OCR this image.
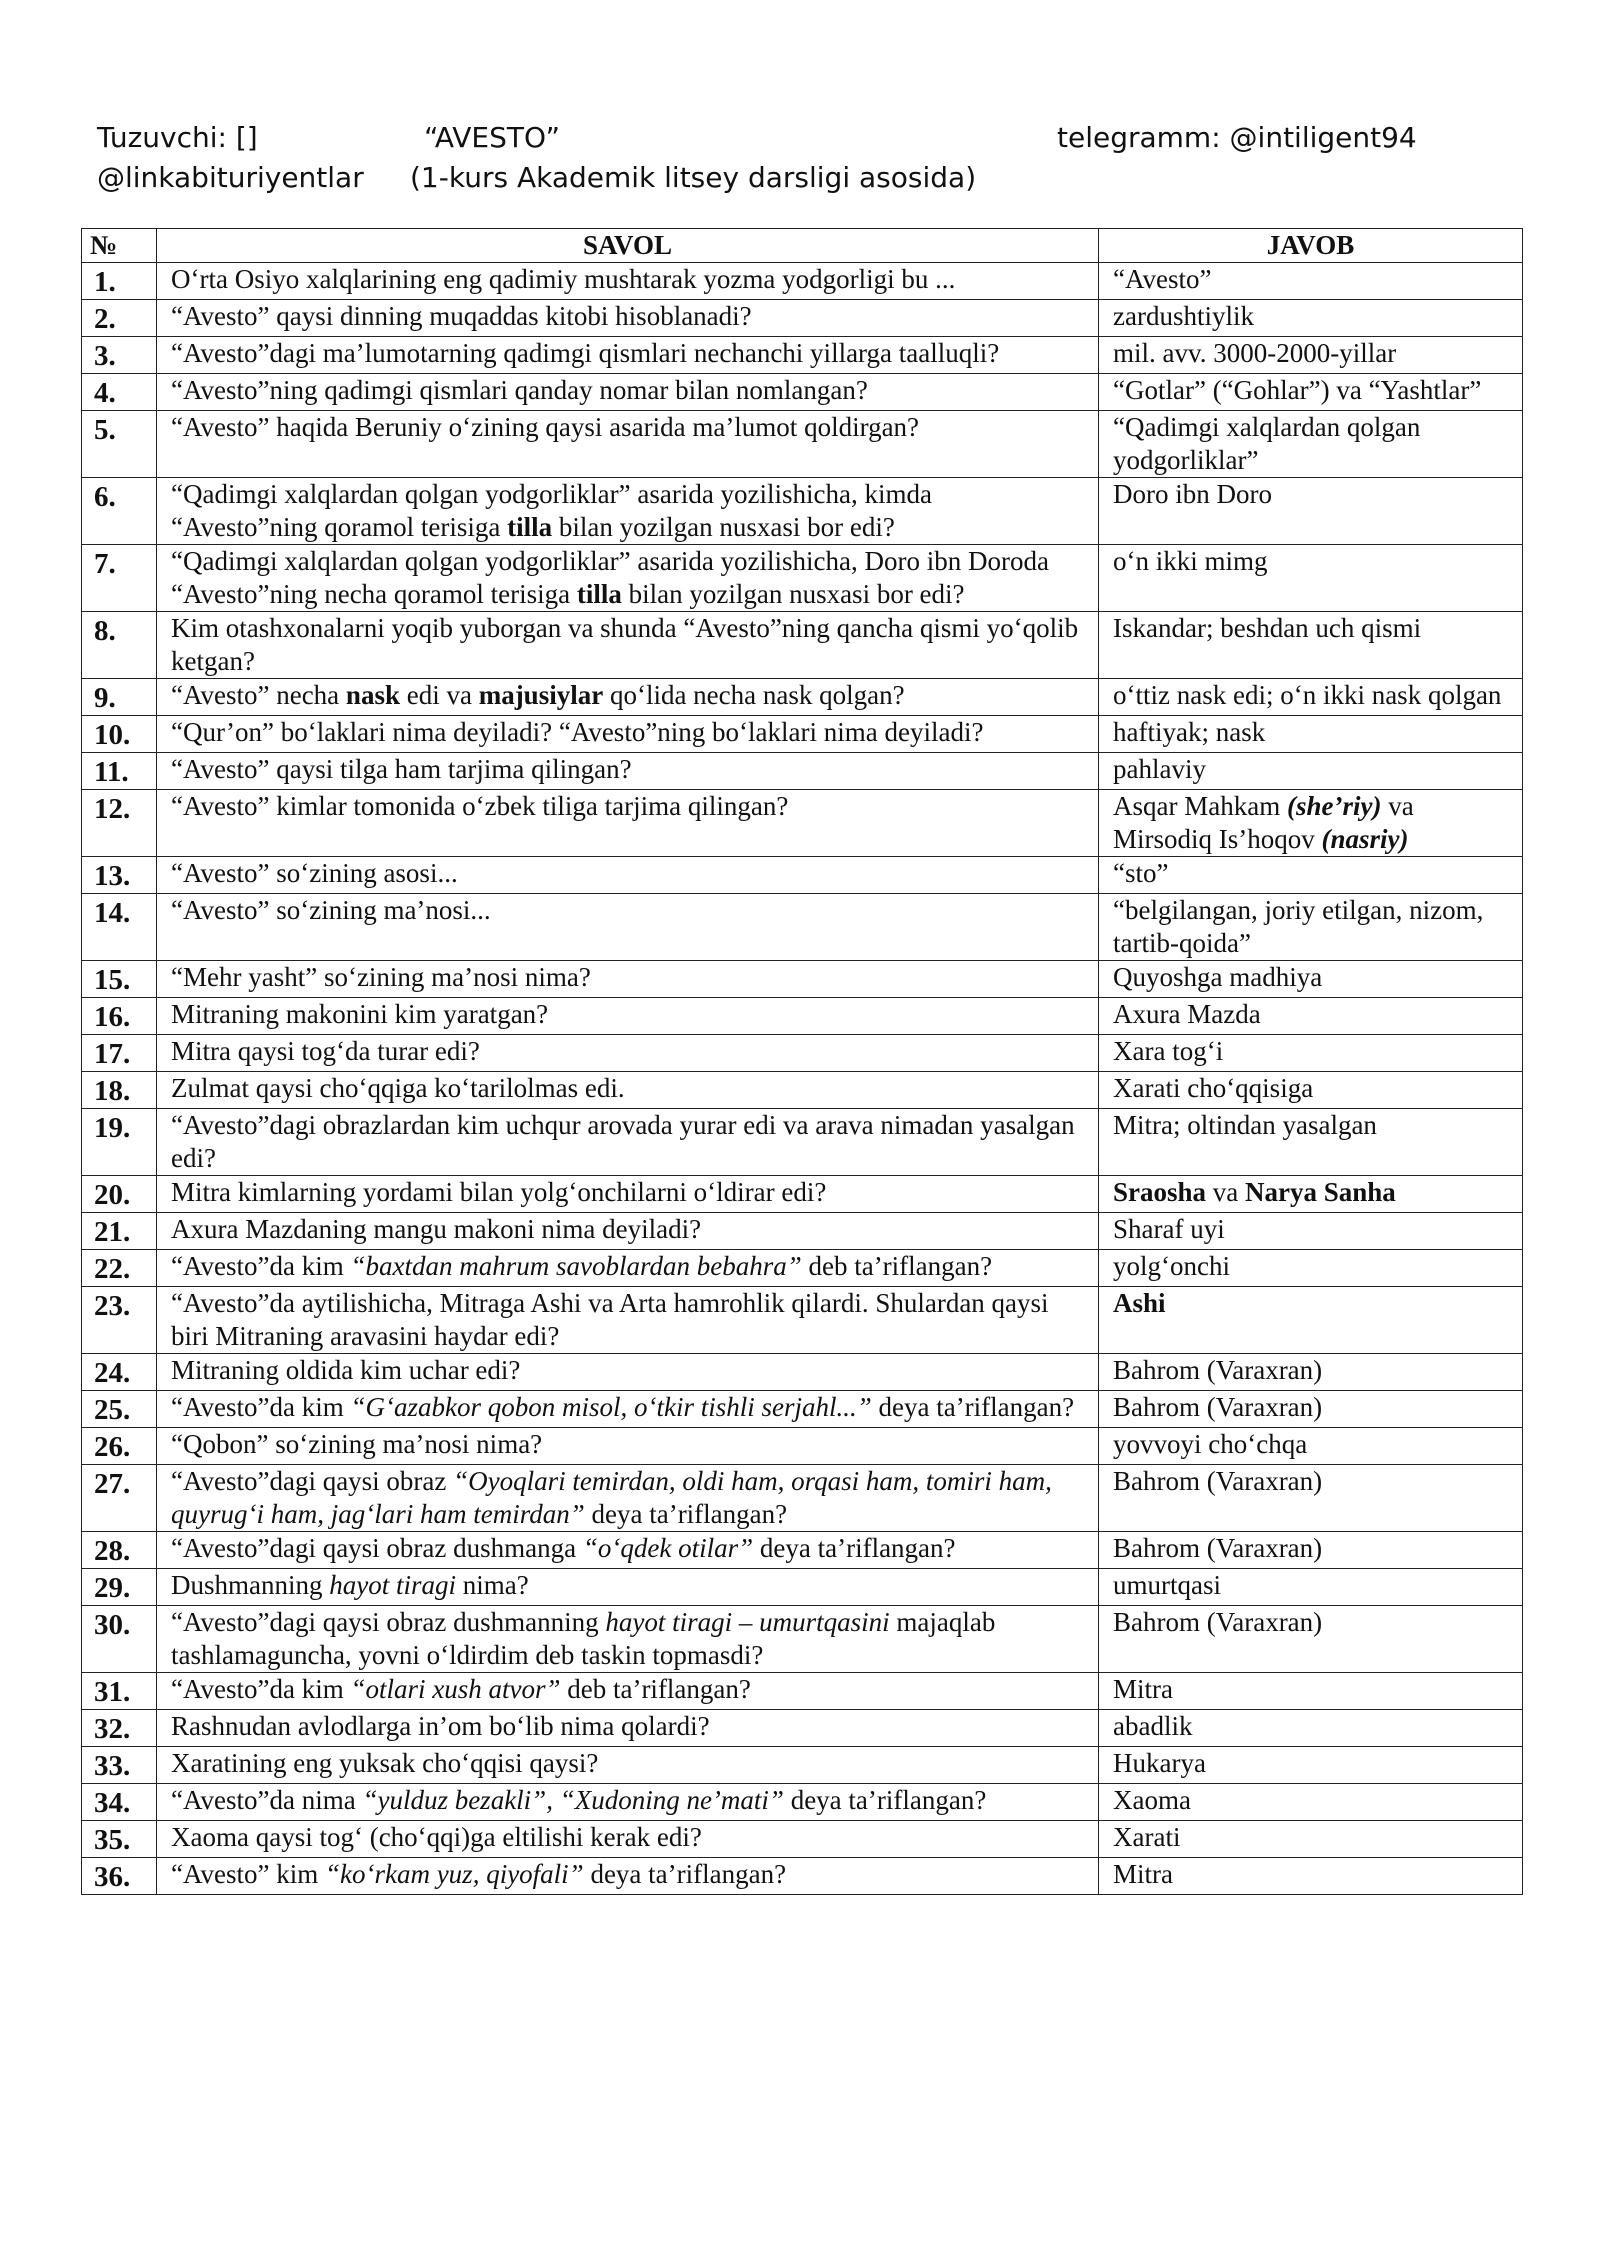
Tuzuvchi: []	“AVESTO”	telegramm: @intiligent94
@linkabituriyentlar (1-kurs Akademik litsey darsligi asosida)
№	SAVOL	JAVOB
1.	O‘rta Osiyo xalqlarining eng qadimiy mushtarak yozma yodgorligi bu ...	“Avesto”
2.	“Avesto” qaysi dinning muqaddas kitobi hisoblanadi?	zardushtiylik
3.	“Avesto”dagi ma’lumotarning qadimgi qismlari nechanchi yillarga taalluqli?	mil. avv. 3000-2000-yillar
4.	“Avesto”ning qadimgi qismlari qanday nomar bilan nomlangan?	“Gotlar” (“Gohlar”) va “Yashtlar”
5.	“Avesto” haqida Beruniy o‘zining qaysi asarida ma’lumot qoldirgan?	“Qadimgi xalqlardan qolgan yodgorliklar”
6.	“Qadimgi xalqlardan qolgan yodgorliklar” asarida yozilishicha, kimda “Avesto”ning qoramol terisiga tilla bilan yozilgan nusxasi bor edi?	Doro ibn Doro
7.	“Qadimgi xalqlardan qolgan yodgorliklar” asarida yozilishicha, Doro ibn Doroda “Avesto”ning necha qoramol terisiga tilla bilan yozilgan nusxasi bor edi?	o‘n ikki mimg
8.	Kim otashxonalarni yoqib yuborgan va shunda “Avesto”ning qancha qismi yo‘qolib ketgan?	Iskandar; beshdan uch qismi
9.	“Avesto” necha nask edi va majusiylar qo‘lida necha nask qolgan?	o‘ttiz nask edi; o‘n ikki nask qolgan
10.	“Qur’on” bo‘laklari nima deyiladi? “Avesto”ning bo‘laklari nima deyiladi?	haftiyak; nask
11.	“Avesto” qaysi tilga ham tarjima qilingan?	pahlaviy
12.	“Avesto” kimlar tomonida o‘zbek tiliga tarjima qilingan?	Asqar Mahkam (she’riy) va Mirsodiq Is’hoqov (nasriy)
13.	“Avesto” so‘zining asosi...	“sto”
14.	“Avesto” so‘zining ma’nosi...	“belgilangan, joriy etilgan, nizom, tartib-qoida”
15.	“Mehr yasht” so‘zining ma’nosi nima?	Quyoshga madhiya
16.	Mitraning makonini kim yaratgan?	Axura Mazda
17.	Mitra qaysi tog‘da turar edi?	Xara tog‘i
18.	Zulmat qaysi cho‘qqiga ko‘tarilolmas edi.	Xarati cho‘qqisiga
19.	“Avesto”dagi obrazlardan kim uchqur arovada yurar edi va arava nimadan yasalgan edi?	Mitra; oltindan yasalgan
20.	Mitra kimlarning yordami bilan yolg‘onchilarni o‘ldirar edi?	Sraosha va Narya Sanha
21.	Axura Mazdaning mangu makoni nima deyiladi?	Sharaf uyi
22.	“Avesto”da kim “baxtdan mahrum savoblardan bebahra” deb ta’riflangan?	yolg‘onchi
23.	“Avesto”da aytilishicha, Mitraga Ashi va Arta hamrohlik qilardi. Shulardan qaysi biri Mitraning aravasini haydar edi?	Ashi
24.	Mitraning oldida kim uchar edi?	Bahrom (Varaxran)
25.	“Avesto”da kim “G‘azabkor qobon misol, o‘tkir tishli serjahl...” deya ta’riflangan?	Bahrom (Varaxran)
26.	“Qobon” so‘zining ma’nosi nima?	yovvoyi cho‘chqa
27.	“Avesto”dagi qaysi obraz “Oyoqlari temirdan, oldi ham, orqasi ham, tomiri ham, quyrug‘i ham, jag‘lari ham temirdan” deya ta’riflangan?	Bahrom (Varaxran)
28.	“Avesto”dagi qaysi obraz dushmanga “o‘qdek otilar” deya ta’riflangan?	Bahrom (Varaxran)
29.	Dushmanning hayot tiragi nima?	umurtqasi
30.	“Avesto”dagi qaysi obraz dushmanning hayot tiragi – umurtqasini majaqlab tashlamaguncha, yovni o‘ldirdim deb taskin topmasdi?	Bahrom (Varaxran)
31.	“Avesto”da kim “otlari xush atvor” deb ta’riflangan?	Mitra
32.	Rashnudan avlodlarga in’om bo‘lib nima qolardi?	abadlik
33.	Xaratining eng yuksak cho‘qqisi qaysi?	Hukarya
34.	“Avesto”da nima “yulduz bezakli”, “Xudoning ne’mati” deya ta’riflangan?	Xaoma
35.	Xaoma qaysi tog‘ (cho‘qqi)ga eltilishi kerak edi?	Xarati
36.	“Avesto” kim “ko‘rkam yuz, qiyofali” deya ta’riflangan?	Mitra
